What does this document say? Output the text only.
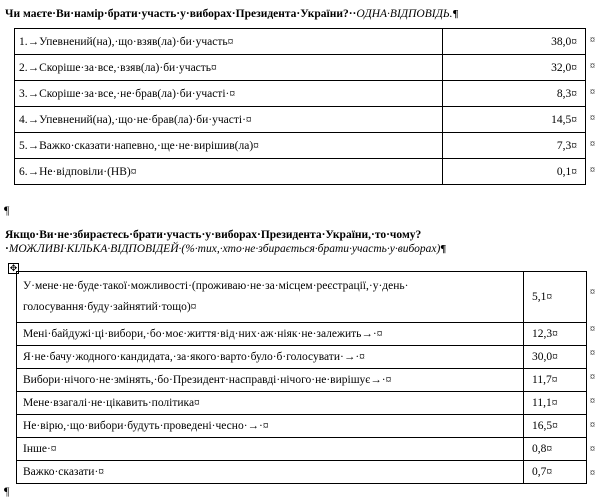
Чи маєте·Ви·намір·брати·участь·у·виборах·Президента·України?··ОДНА·ВІДПОВІДЬ.¶
1.→Упевнений(на),·що·взяв(ла)·би·участь¤	38,0¤
2.→Скоріше·за·все,·взяв(ла)·би·участь¤	32,0¤
3.→Скоріше·за·все,·не·брав(ла)·би·участі·¤	8,3¤
4.→Упевнений(на),·що·не·брав(ла)·би·участі·¤	14,5¤
5.→Важко·сказати·напевно,·ще·не·вирішив(ла)¤	7,3¤
6.→Не·відповіли·(НВ)¤	0,1¤
¤
¤
¤
¤
¤
¤
¶
Якщо·Ви·не·збираєтесь·брати·участь·у·виборах·Президента·України,·то·чому?·МОЖЛИВІ·КІЛЬКА·ВІДПОВІДЕЙ·(%·тих,·хто·не·збирається·брати·участь·у·виборах)¶
✥
У·мене·не·буде·такої·можливості·(проживаю·не·за·місцем·реєстрації,·у·день·
голосування·буду·зайнятий·тощо)¤	5,1¤
Мені·байдужі·ці·вибори,·бо·моє·життя·від·них·аж·ніяк·не·залежить→·¤	12,3¤
Я·не·бачу·жодного·кандидата,·за·якого·варто·було·б·голосувати·→·¤	30,0¤
Вибори·нічого·не·змінять,·бо·Президент·насправді·нічого·не·вирішує→·¤	11,7¤
Мене·взагалі·не·цікавить·політика¤	11,1¤
Не·вірю,·що·вибори·будуть·проведені·чесно·→·¤	16,5¤
Інше·¤	0,8¤
Важко·сказати·¤	0,7¤
¤
¤
¤
¤
¤
¤
¤
¤
¶
